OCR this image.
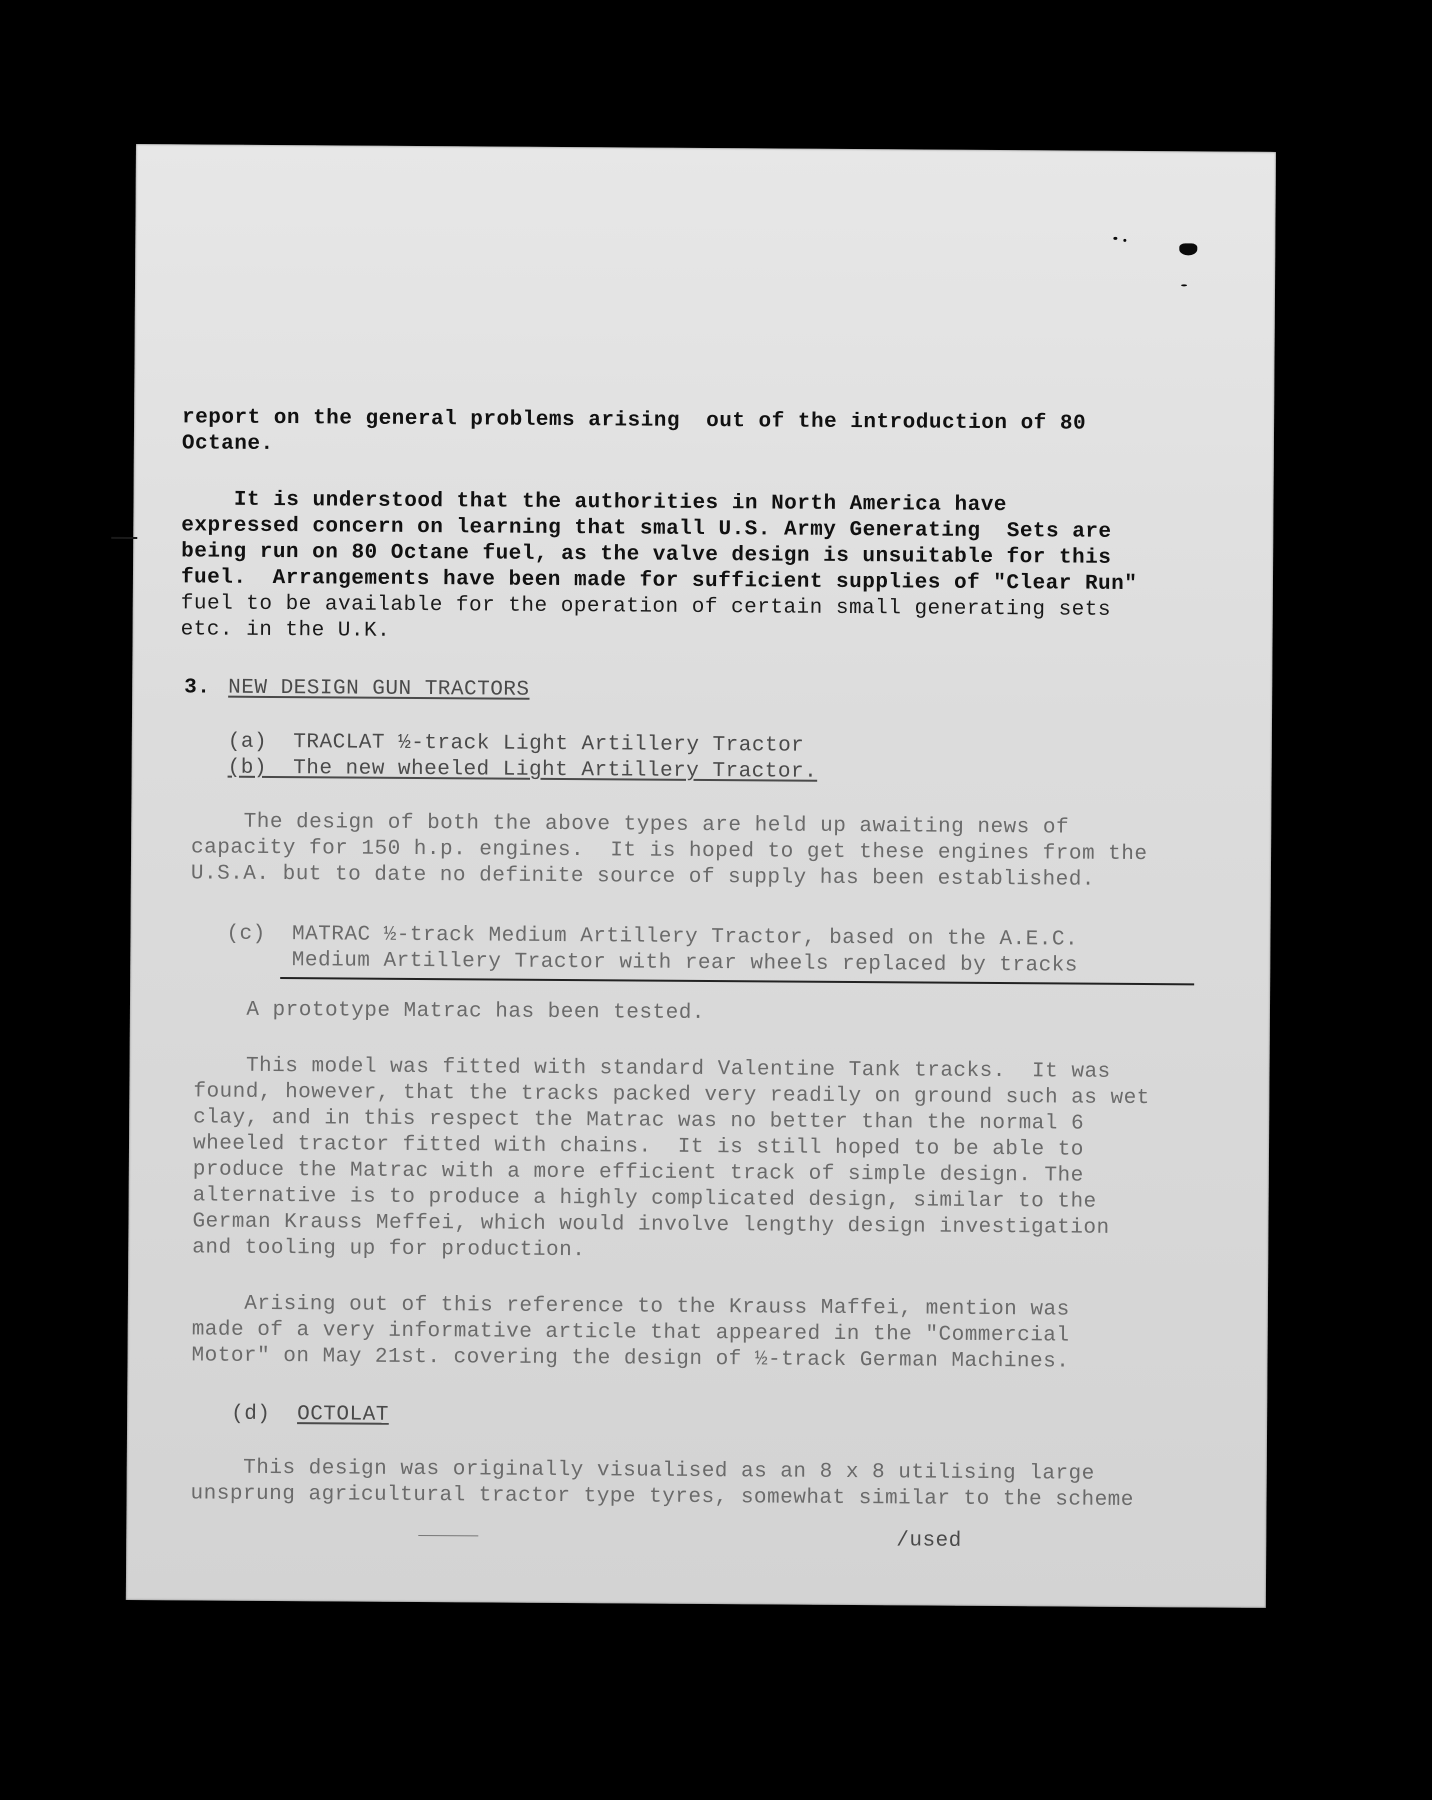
report on the general problems arising  out of the introduction of 80
Octane.
It is understood that the authorities in North America have
expressed concern on learning that small U.S. Army Generating  Sets are
being run on 80 Octane fuel, as the valve design is unsuitable for this
fuel.  Arrangements have been made for sufficient supplies of "Clear Run"
fuel to be available for the operation of certain small generating sets
etc. in the U.K.
3. NEW DESIGN GUN TRACTORS
(a)  TRACLAT ½-track Light Artillery Tractor
(b)  The new wheeled Light Artillery Tractor.
The design of both the above types are held up awaiting news of
capacity for 150 h.p. engines.  It is hoped to get these engines from the
U.S.A. but to date no definite source of supply has been established.
(c)  MATRAC ½-track Medium Artillery Tractor, based on the A.E.C.
Medium Artillery Tractor with rear wheels replaced by tracks
A prototype Matrac has been tested.
This model was fitted with standard Valentine Tank tracks.  It was
found, however, that the tracks packed very readily on ground such as wet
clay, and in this respect the Matrac was no better than the normal 6
wheeled tractor fitted with chains.  It is still hoped to be able to
produce the Matrac with a more efficient track of simple design. The
alternative is to produce a highly complicated design, similar to the
German Krauss Meffei, which would involve lengthy design investigation
and tooling up for production.
Arising out of this reference to the Krauss Maffei, mention was
made of a very informative article that appeared in the "Commercial
Motor" on May 21st. covering the design of ½-track German Machines.
(d) OCTOLAT
This design was originally visualised as an 8 x 8 utilising large
unsprung agricultural tractor type tyres, somewhat similar to the scheme
/used
